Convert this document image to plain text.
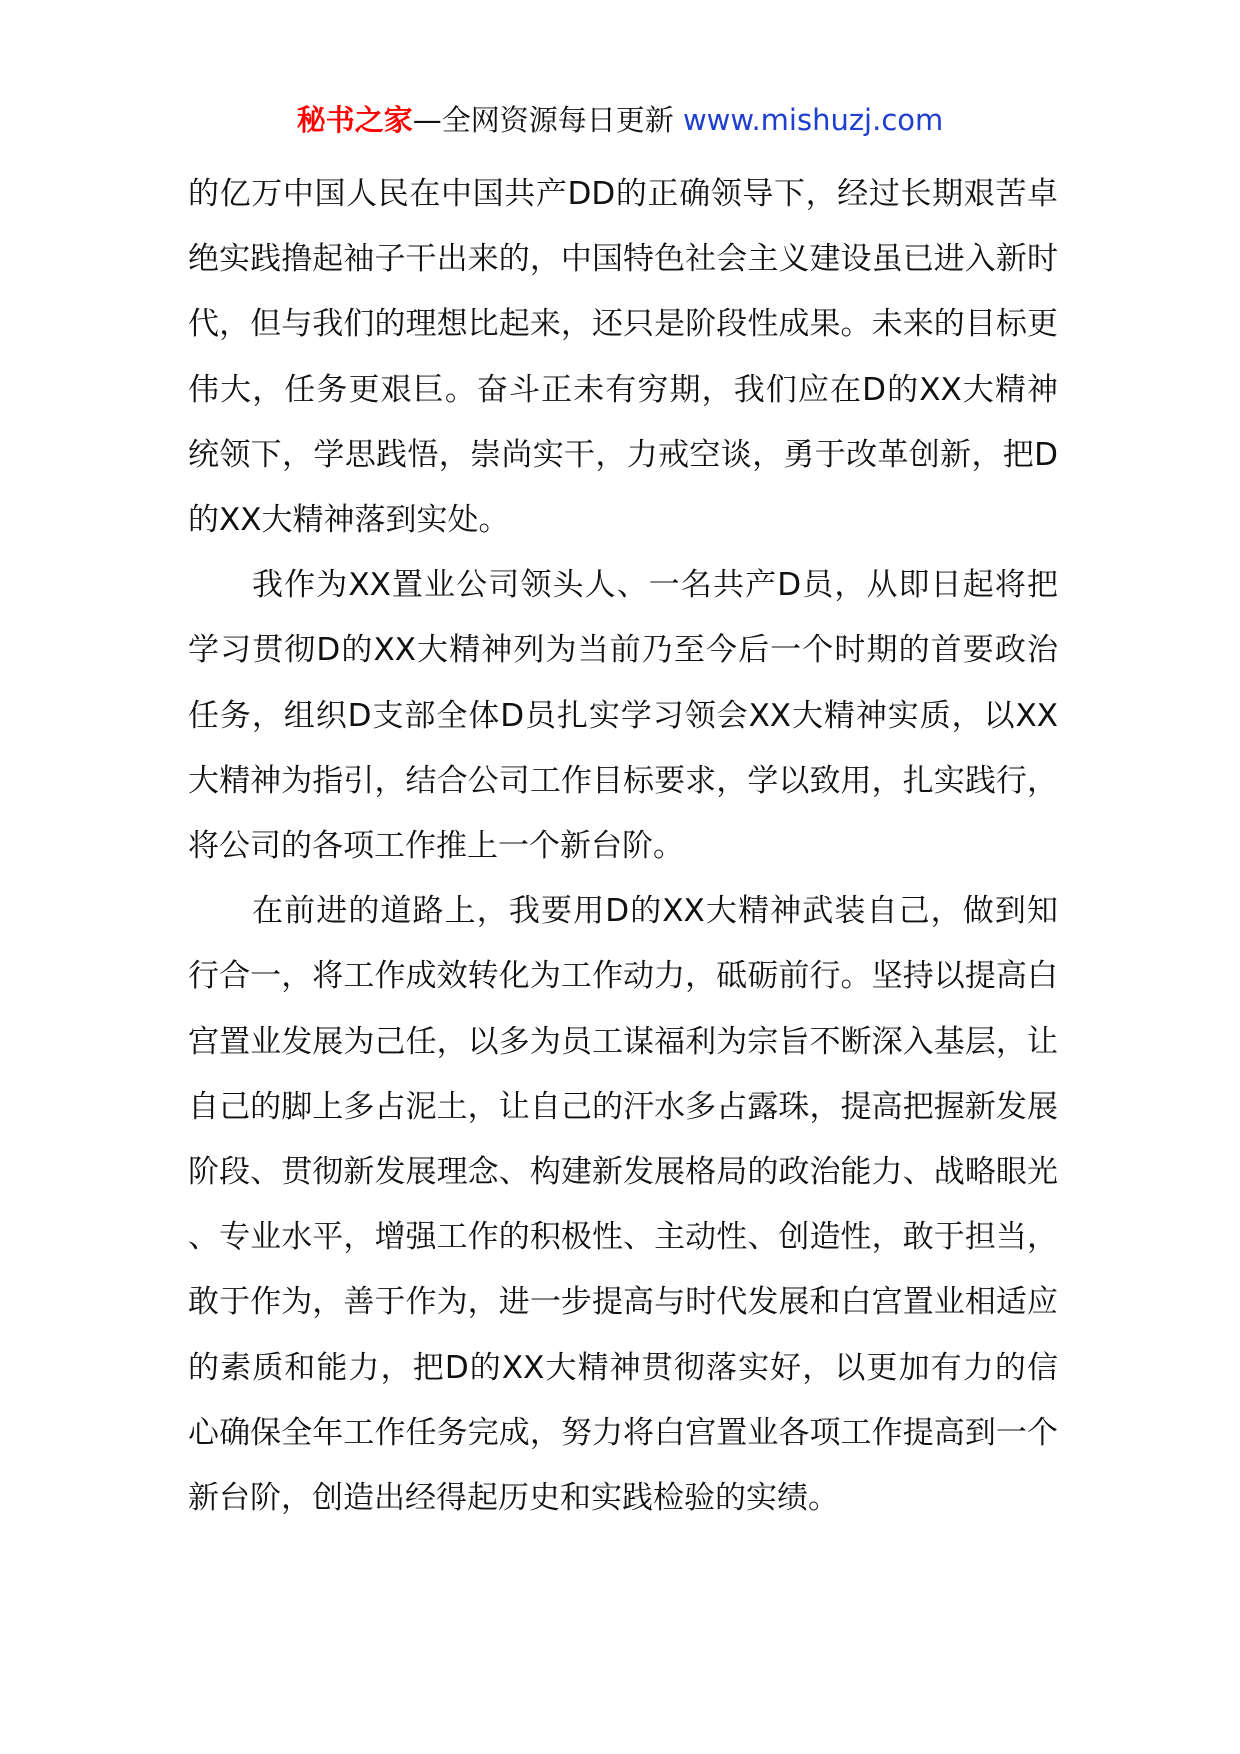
秘书之家—全网资源每日更新 www.mishuzj.com

的亿万中国人民在中国共产DD的正确领导下，经过长期艰苦卓绝实践撸起袖子干出来的，中国特色社会主义建设虽已进入新时代，但与我们的理想比起来，还只是阶段性成果。未来的目标更伟大，任务更艰巨。奋斗正未有穷期，我们应在D的XX大精神统领下，学思践悟，崇尚实干，力戒空谈，勇于改革创新，把D的XX大精神落到实处。

我作为XX置业公司领头人、一名共产D员，从即日起将把学习贯彻D的XX大精神列为当前乃至今后一个时期的首要政治任务，组织D支部全体D员扎实学习领会XX大精神实质，以XX大精神为指引，结合公司工作目标要求，学以致用，扎实践行，将公司的各项工作推上一个新台阶。

在前进的道路上，我要用D的XX大精神武装自己，做到知行合一，将工作成效转化为工作动力，砥砺前行。坚持以提高白宫置业发展为己任，以多为员工谋福利为宗旨不断深入基层，让自己的脚上多占泥土，让自己的汗水多占露珠，提高把握新发展阶段、贯彻新发展理念、构建新发展格局的政治能力、战略眼光、专业水平，增强工作的积极性、主动性、创造性，敢于担当，敢于作为，善于作为，进一步提高与时代发展和白宫置业相适应的素质和能力，把D的XX大精神贯彻落实好，以更加有力的信心确保全年工作任务完成，努力将白宫置业各项工作提高到一个新台阶，创造出经得起历史和实践检验的实绩。
